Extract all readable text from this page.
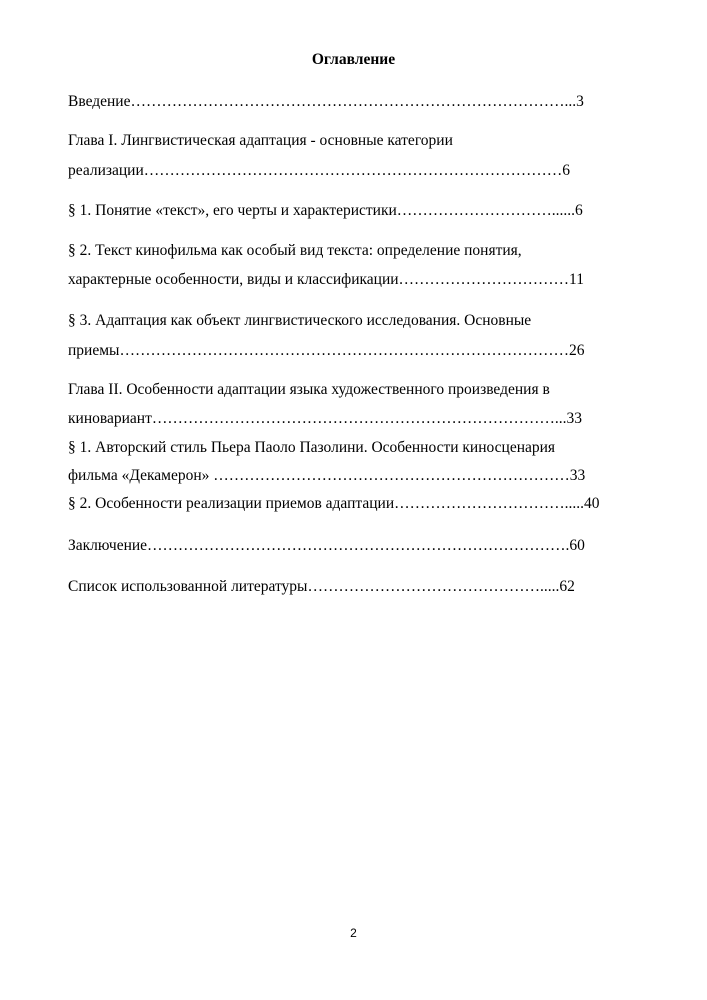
Оглавление
Введение…………………………………………………………………………...3
Глава I. Лингвистическая адаптация - основные категории
реализации………………………………………………………………………6
§ 1. Понятие «текст», его черты и характеристики…………………………......6
§ 2. Текст кинофильма как особый вид текста: определение понятия,
характерные особенности, виды и классификации……………………………11
§ 3. Адаптация как объект лингвистического исследования. Основные
приемы……………………………………………………………………………26
Глава II. Особенности адаптации языка художественного произведения в
киновариант……………………………………………………………………...33
§ 1. Авторский стиль Пьера Паоло Пазолини. Особенности киносценария
фильма «Декамерон» ……………………………………………………………33
§ 2. Особенности реализации приемов адаптации…………………………….....40
Заключение……………………………………………………………………….60
Список использованной литературы……………………………………….....62
2
